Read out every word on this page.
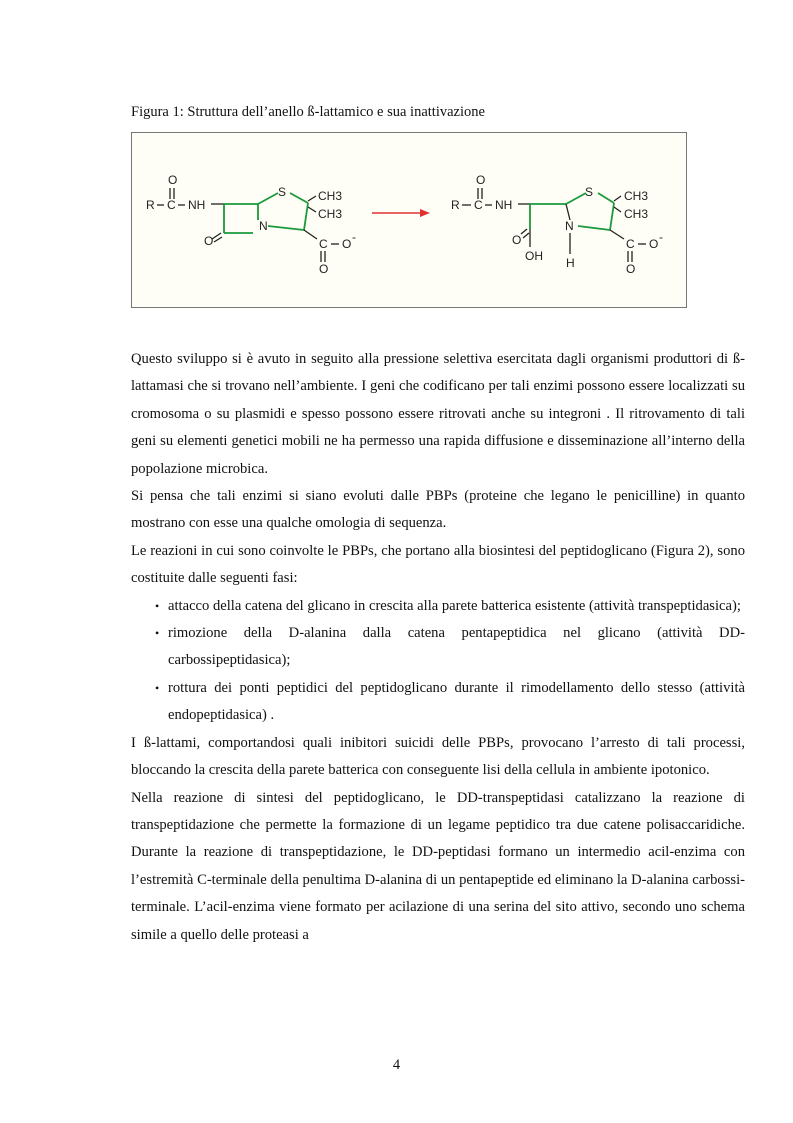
Figura 1: Struttura dell’anello ß-lattamico e sua inattivazione
O
R C NH
O
N
S	CH3
CH3
C O -
O
O
R C NH
O
OH
N
H
S	CH3
CH3
C O -
O

Questo sviluppo si è avuto in seguito alla pressione selettiva esercitata dagli organismi produttori di ß-lattamasi che si trovano nell’ambiente. I geni che codificano per tali enzimi possono essere localizzati su cromosoma o su plasmidi e spesso possono essere ritrovati anche su integroni . Il ritrovamento di tali geni su elementi genetici mobili ne ha permesso una rapida diffusione e disseminazione all’interno della popolazione microbica.

Si pensa che tali enzimi si siano evoluti dalle PBPs (proteine che legano le penicilline) in quanto mostrano con esse una qualche omologia di sequenza.

Le reazioni in cui sono coinvolte le PBPs, che portano alla biosintesi del peptidoglicano (Figura 2), sono costituite dalle seguenti fasi:

• attacco della catena del glicano in crescita alla parete batterica esistente (attività transpeptidasica);
• rimozione della D-alanina dalla catena pentapeptidica nel glicano (attività DD-carbossipeptidasica);
• rottura dei ponti peptidici del peptidoglicano durante il rimodellamento dello stesso (attività endopeptidasica) .

I ß-lattami, comportandosi quali inibitori suicidi delle PBPs, provocano l’arresto di tali processi, bloccando la crescita della parete batterica con conseguente lisi della cellula in ambiente ipotonico.

Nella reazione di sintesi del peptidoglicano, le DD-transpeptidasi catalizzano la reazione di transpeptidazione che permette la formazione di un legame peptidico tra due catene polisaccaridiche. Durante la reazione di transpeptidazione, le DD-peptidasi formano un intermedio acil-enzima con l’estremità C-terminale della penultima D-alanina di un pentapeptide ed eliminano la D-alanina carbossi-terminale. L’acil-enzima viene formato per acilazione di una serina del sito attivo, secondo uno schema simile a quello delle proteasi a

4
